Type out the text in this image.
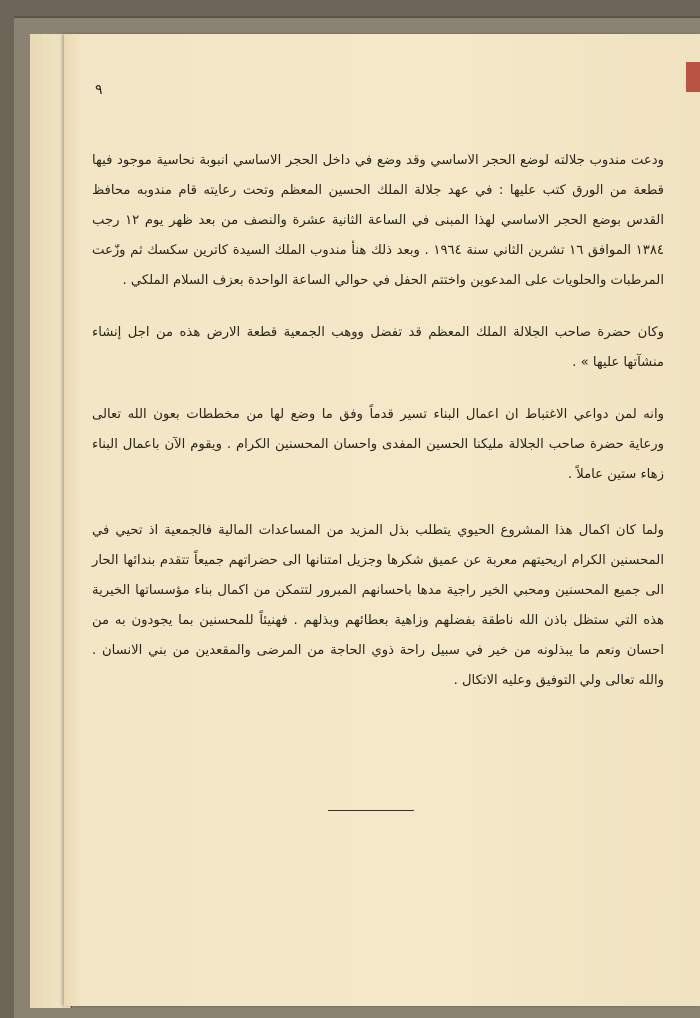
٩

ودعت مندوب جلالته لوضع الحجر الاساسي وقد وضع في داخل الحجر الاساسي انبوبة نحاسية موجود فيها قطعة من الورق كتب عليها : في عهد جلالة الملك الحسين المعظم وتحت رعايته قام مندوبه محافظ القدس بوضع الحجر الاساسي لهذا المبنى في الساعة الثانية عشرة والنصف من بعد ظهر يوم ١٢ رجب ١٣٨٤ الموافق ١٦ تشرين الثاني سنة ١٩٦٤ . وبعد ذلك هنأ مندوب الملك السيدة كاترين سكسك ثم وزّعت المرطبات والحلويات على المدعوين واختتم الحفل في حوالي الساعة الواحدة بعزف السلام الملكي .

وكان حضرة صاحب الجلالة الملك المعظم قد تفضل ووهب الجمعية قطعة الارض هذه من اجل إنشاء منشآتها عليها » .

وانه لمن دواعي الاغتباط ان اعمال البناء تسير قدماً وفق ما وضع لها من مخططات بعون الله تعالى ورعاية حضرة صاحب الجلالة مليكنا الحسين المفدى واحسان المحسنين الكرام . ويقوم الآن باعمال البناء زهاء ستين عاملاً .

ولما كان اكمال هذا المشروع الحيوي يتطلب بذل المزيد من المساعدات المالية فالجمعية اذ تحيي في المحسنين الكرام اريحيتهم معربة عن عميق شكرها وجزيل امتنانها الى حضراتهم جميعاً تتقدم بندائها الحار الى جميع المحسنين ومحبي الخير راجية مدها باحسانهم المبرور لتتمكن من اكمال بناء مؤسساتها الخيرية هذه التي ستظل باذن الله ناطقة بفضلهم وزاهية بعطائهم وبذلهم . فهنيئاً للمحسنين بما يجودون به من احسان ونعم ما يبذلونه من خير في سبيل راحة ذوي الحاجة من المرضى والمقعدين من بني الانسان . والله تعالى ولي التوفيق وعليه الاتكال .
